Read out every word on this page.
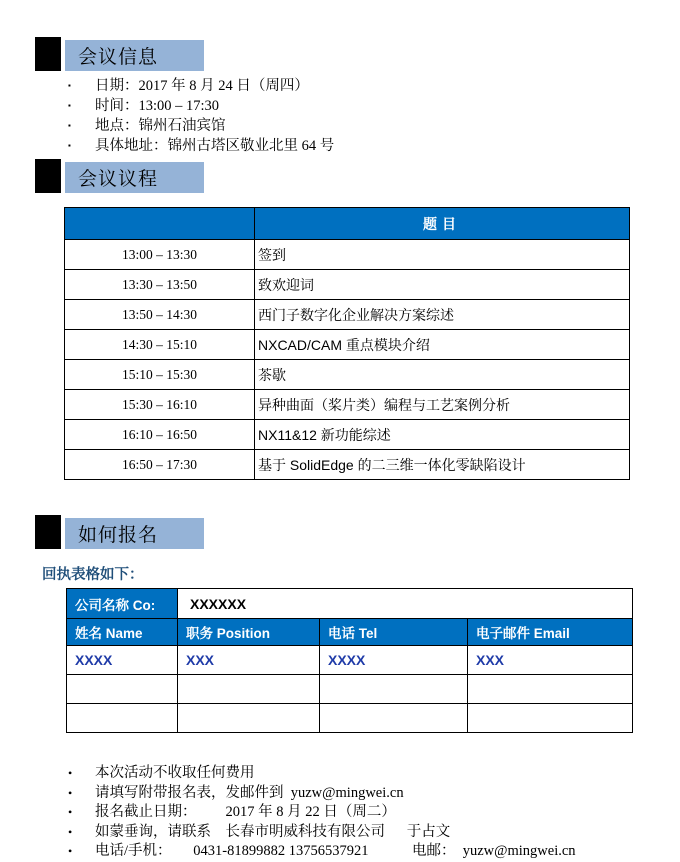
会议信息
▪	日期：2017 年 8 月 24 日（周四）
▪	时间：13:00 – 17:30
▪	地点：锦州石油宾馆
▪	具体地址：锦州古塔区敬业北里 64 号
会议议程
	题目
13:00 – 13:30	签到
13:30 – 13:50	致欢迎词
13:50 – 14:30	西门子数字化企业解决方案综述
14:30 – 15:10	NXCAD/CAM 重点模块介绍
15:10 – 15:30	茶歇
15:30 – 16:10	异种曲面（桨片类）编程与工艺案例分析
16:10 – 16:50	NX11&12 新功能综述
16:50 – 17:30	基于 SolidEdge 的二三维一体化零缺陷设计
如何报名
回执表格如下：
公司名称 Co:	XXXXXX		
姓名 Name	职务 Position	电话 Tel	电子邮件 Email
XXXX	XXX	XXXX	XXX

•	本次活动不收取任何费用
•	请填写附带报名表，发邮件到  yuzw@mingwei.cn
•	报名截止日期：        2017 年 8 月 22 日（周二）
•	如蒙垂询，请联系    长春市明威科技有限公司      于占文
•	电话/手机：      0431-81899882 13756537921            电邮：  yuzw@mingwei.cn
